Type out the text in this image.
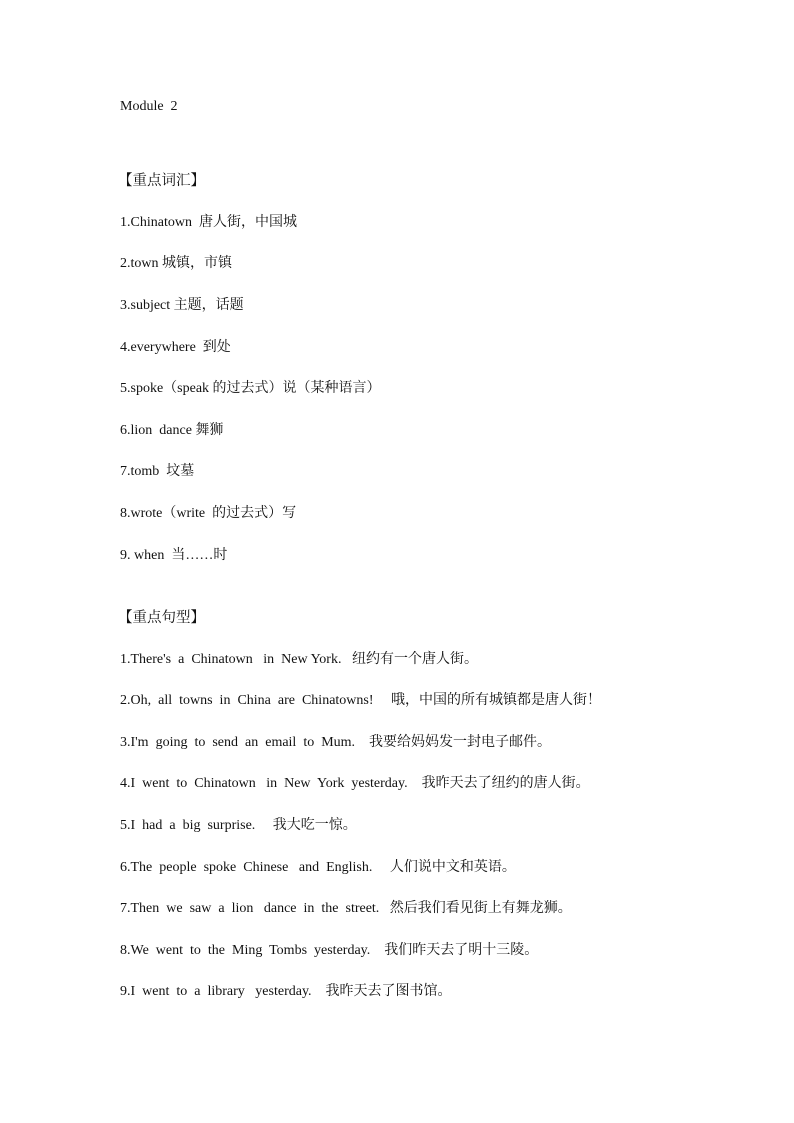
Module  2
【重点词汇】
1.Chinatown  唐人街，中国城
2.town 城镇，市镇
3.subject 主题，话题
4.everywhere  到处
5.spoke（speak 的过去式）说（某种语言）
6.lion  dance 舞狮
7.tomb  坟墓
8.wrote（write  的过去式）写
9. when  当……时
【重点句型】
1.There's  a  Chinatown   in  New York.   纽约有一个唐人街。
2.Oh,  all  towns  in  China  are  Chinatowns!     哦，中国的所有城镇都是唐人街！
3.I'm  going  to  send  an  email  to  Mum.    我要给妈妈发一封电子邮件。
4.I  went  to  Chinatown   in  New  York  yesterday.    我昨天去了纽约的唐人街。
5.I  had  a  big  surprise.     我大吃一惊。
6.The  people  spoke  Chinese   and  English.     人们说中文和英语。
7.Then  we  saw  a  lion   dance  in  the  street.   然后我们看见街上有舞龙狮。
8.We  went  to  the  Ming  Tombs  yesterday.    我们昨天去了明十三陵。
9.I  went  to  a  library   yesterday.    我昨天去了图书馆。
